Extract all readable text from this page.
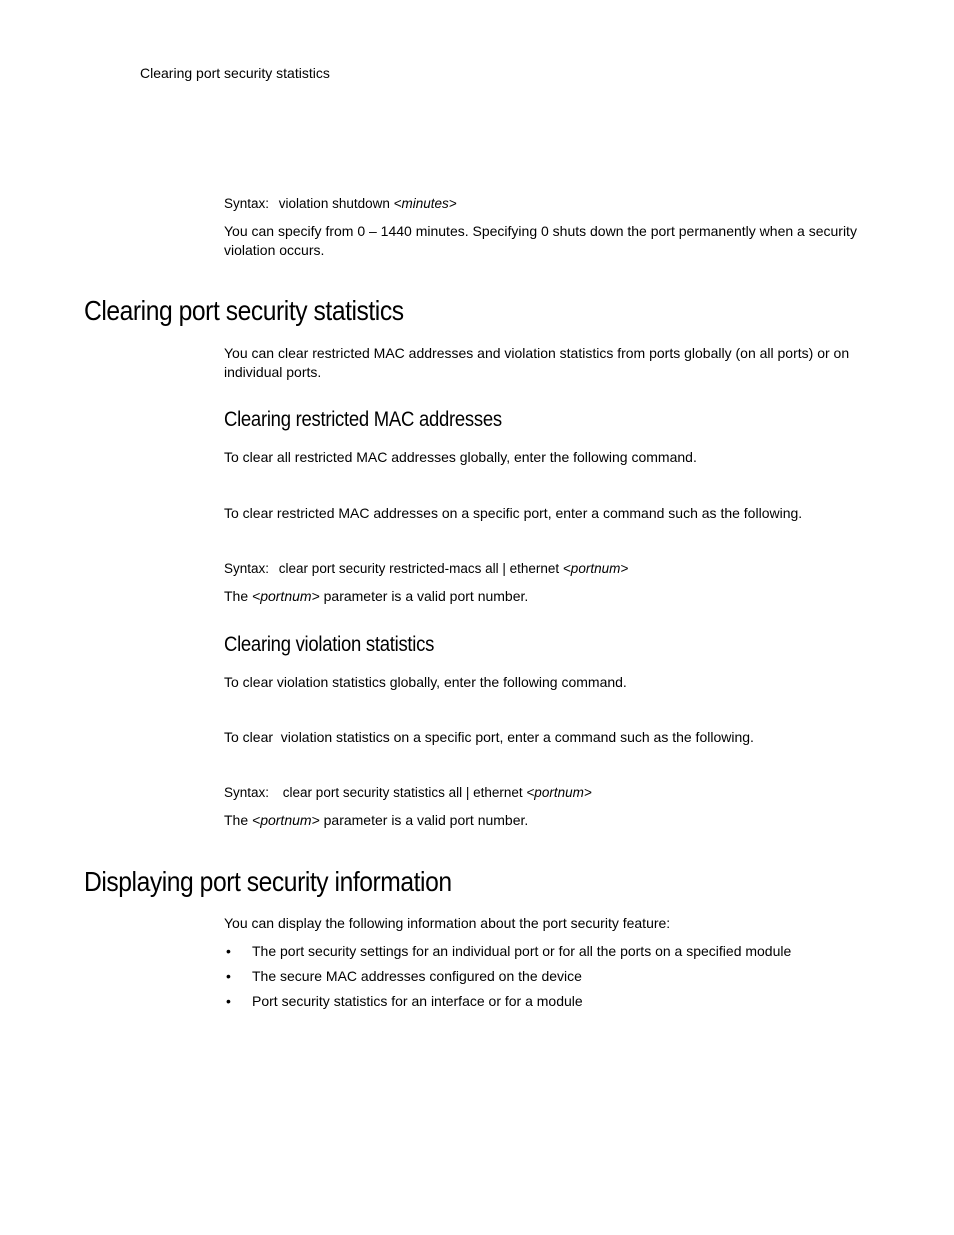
Clearing port security statistics
Syntax: violation shutdown <minutes>
You can specify from 0 – 1440 minutes. Specifying 0 shuts down the port permanently when a security violation occurs.
Clearing port security statistics
You can clear restricted MAC addresses and violation statistics from ports globally (on all ports) or on individual ports.
Clearing restricted MAC addresses
To clear all restricted MAC addresses globally, enter the following command.
To clear restricted MAC addresses on a specific port, enter a command such as the following.
Syntax: clear port security restricted-macs all | ethernet <portnum>
The <portnum> parameter is a valid port number.
Clearing violation statistics
To clear violation statistics globally, enter the following command.
To clear  violation statistics on a specific port, enter a command such as the following.
Syntax: clear port security statistics all | ethernet <portnum>
The <portnum> parameter is a valid port number.
Displaying port security information
You can display the following information about the port security feature:
• The port security settings for an individual port or for all the ports on a specified module
• The secure MAC addresses configured on the device
• Port security statistics for an interface or for a module
